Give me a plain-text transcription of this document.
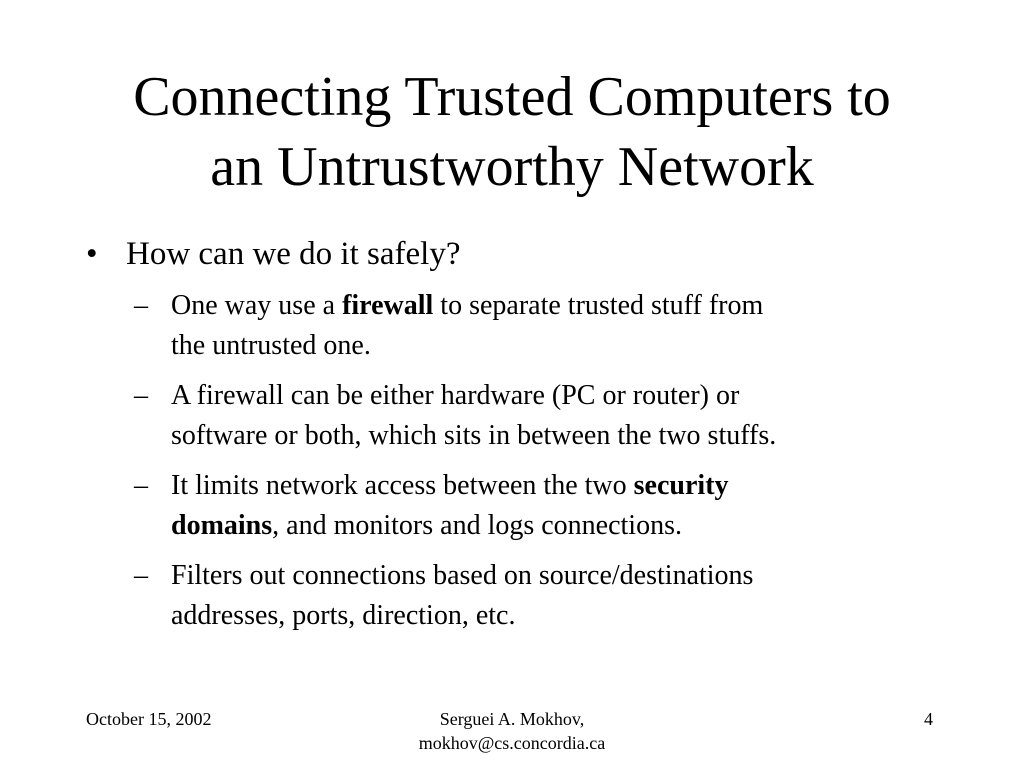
Connecting Trusted Computers to
an Untrustworthy Network
• How can we do it safely?
– One way use a firewall to separate trusted stuff from
the untrusted one.
– A firewall can be either hardware (PC or router) or
software or both, which sits in between the two stuffs.
– It limits network access between the two security
domains, and monitors and logs connections.
– Filters out connections based on source/destinations
addresses, ports, direction, etc.
October 15, 2002	Serguei A. Mokhov,
mokhov@cs.concordia.ca
4
